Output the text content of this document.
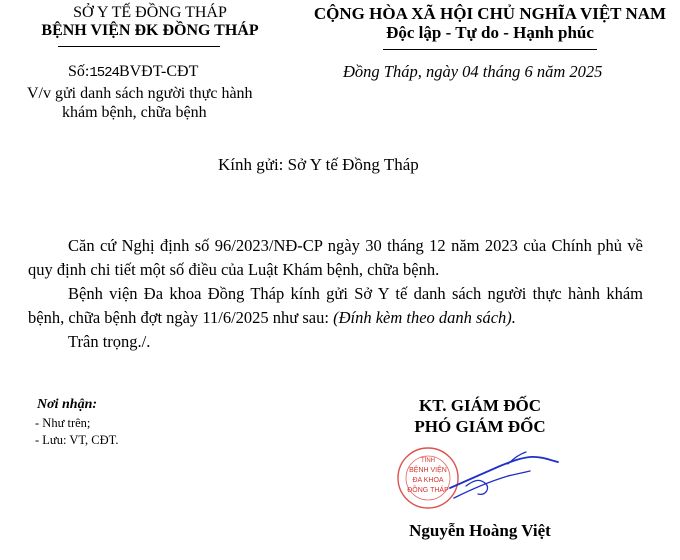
SỞ Y TẾ ĐỒNG THÁP
BỆNH VIỆN ĐK ĐỒNG THÁP
Số:1524BVĐT-CĐT
V/v gửi danh sách người thực hành
khám bệnh, chữa bệnh
CỘNG HÒA XÃ HỘI CHỦ NGHĨA VIỆT NAM
Độc lập - Tự do - Hạnh phúc
Đồng Tháp, ngày 04 tháng 6 năm 2025
Kính gửi: Sở Y tế Đồng Tháp
Căn cứ Nghị định số 96/2023/NĐ-CP ngày 30 tháng 12 năm 2023 của Chính phủ về quy định chi tiết một số điều của Luật Khám bệnh, chữa bệnh.
Bệnh viện Đa khoa Đồng Tháp kính gửi Sở Y tế danh sách người thực hành khám bệnh, chữa bệnh đợt ngày 11/6/2025 như sau: (Đính kèm theo danh sách).
Trân trọng./.
Nơi nhận:
- Như trên;
- Lưu: VT, CĐT.
KT. GIÁM ĐỐC
PHÓ GIÁM ĐỐC
TỈNH
BỆNH VIỆN
ĐA KHOA
ĐỒNG THÁP
Nguyễn Hoàng Việt
